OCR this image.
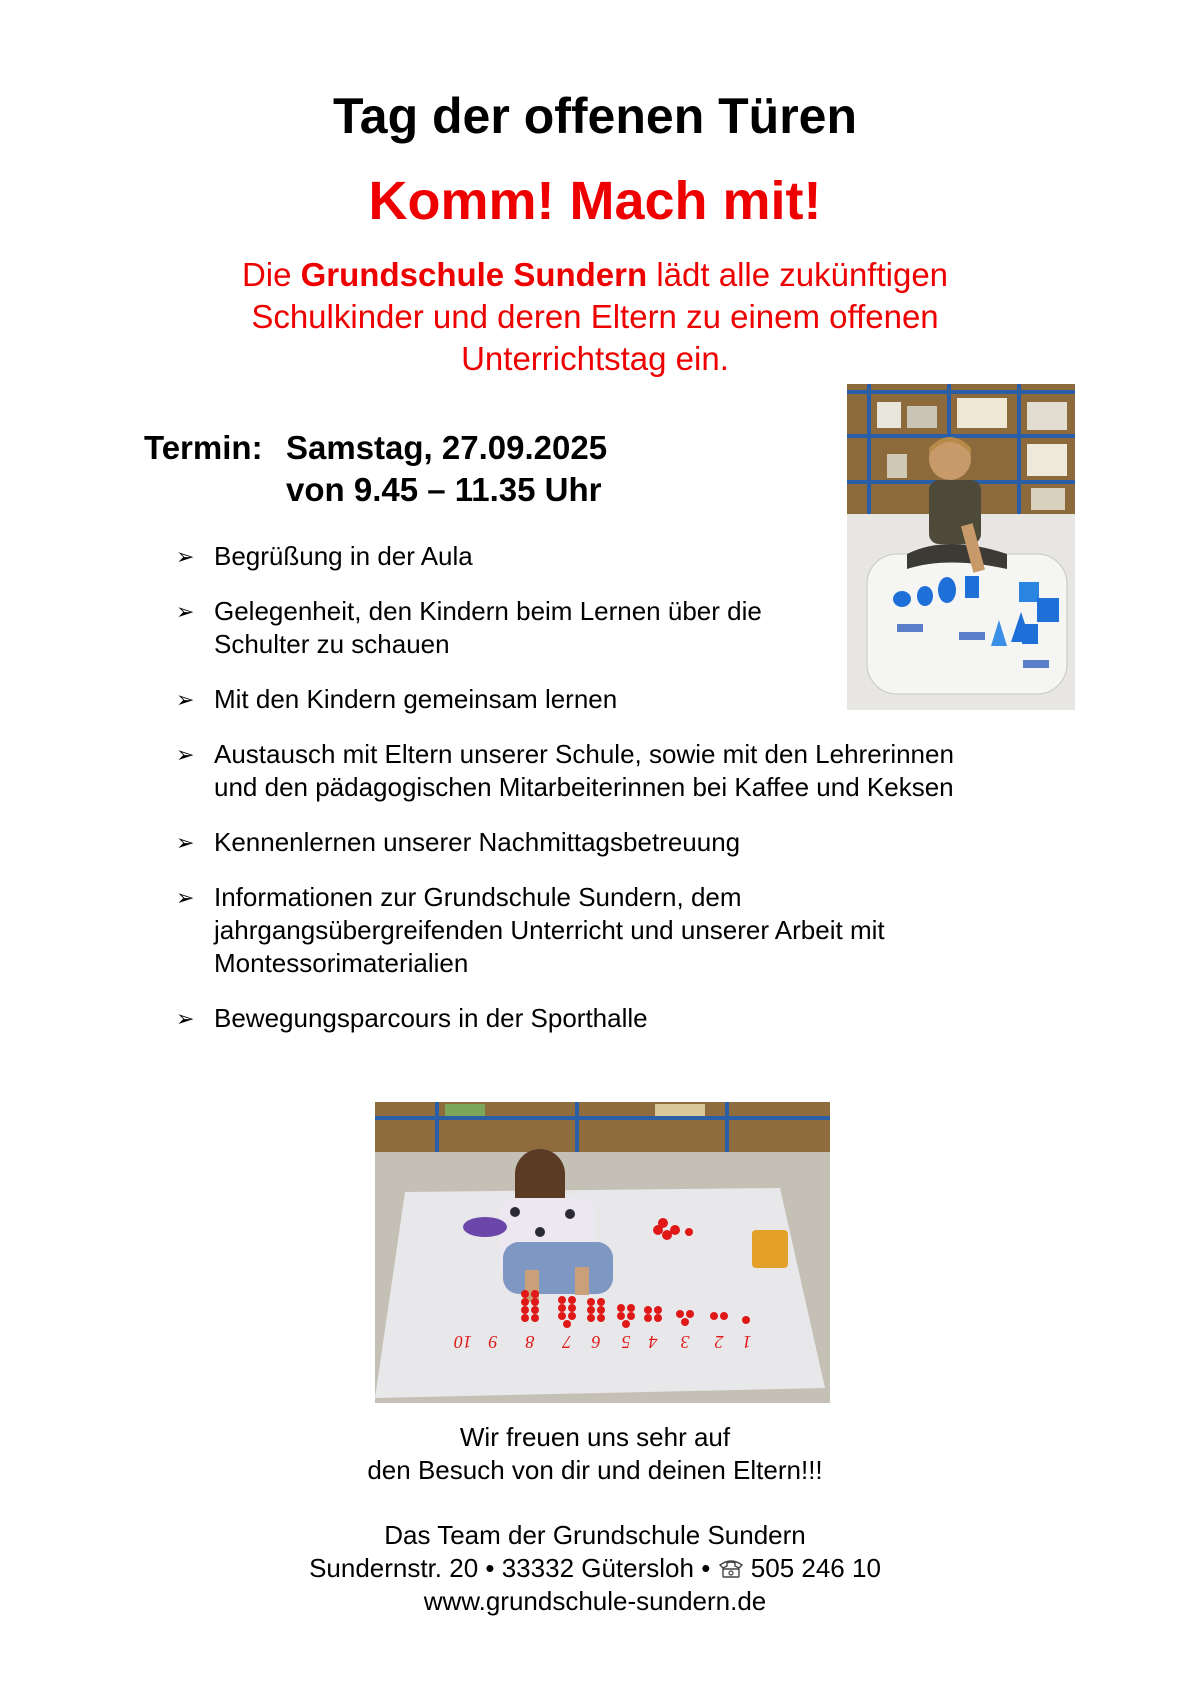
Tag der offenen Türen
Komm! Mach mit!
Die Grundschule Sundern lädt alle zukünftigen
Schulkinder und deren Eltern zu einem offenen
Unterrichtstag ein.
Termin: Samstag, 27.09.2025
von 9.45 – 11.35 Uhr
➢ Begrüßung in der Aula
➢ Gelegenheit, den Kindern beim Lernen über die
Schulter zu schauen
➢ Mit den Kindern gemeinsam lernen
➢ Austausch mit Eltern unserer Schule, sowie mit den Lehrerinnen
und den pädagogischen Mitarbeiterinnen bei Kaffee und Keksen
➢ Kennenlernen unserer Nachmittagsbetreuung
➢ Informationen zur Grundschule Sundern, dem
jahrgangsübergreifenden Unterricht und unserer Arbeit mit
Montessorimaterialien
➢ Bewegungsparcours in der Sporthalle
1
2
3
4
5
6
7
8
9
10
Wir freuen uns sehr auf
den Besuch von dir und deinen Eltern!!!
Das Team der Grundschule Sundern
Sundernstr. 20 • 33332 Gütersloh • 505 246 10
www.grundschule-sundern.de
